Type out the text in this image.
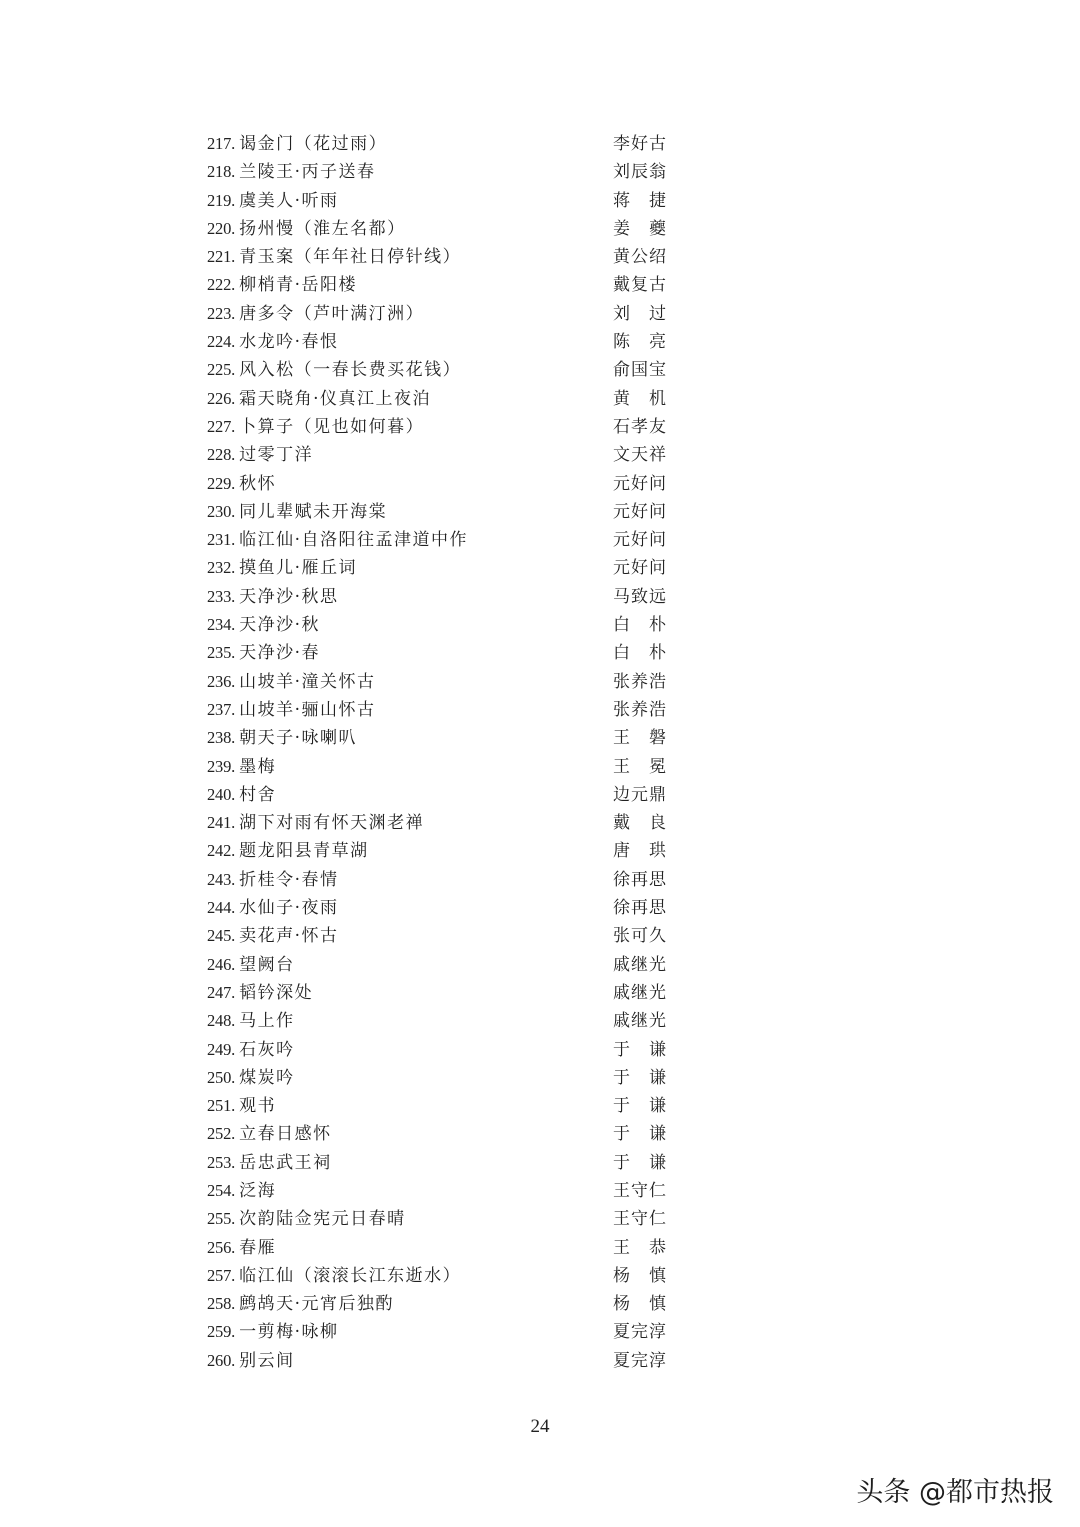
217. 谒金门（花过雨）	李好古
218. 兰陵王·丙子送春	刘辰翁
219. 虞美人·听雨	蒋　捷
220. 扬州慢（淮左名都）	姜　夔
221. 青玉案（年年社日停针线）	黄公绍
222. 柳梢青·岳阳楼	戴复古
223. 唐多令（芦叶满汀洲）	刘　过
224. 水龙吟·春恨	陈　亮
225. 风入松（一春长费买花钱）	俞国宝
226. 霜天晓角·仪真江上夜泊	黄　机
227. 卜算子（见也如何暮）	石孝友
228. 过零丁洋	文天祥
229. 秋怀	元好问
230. 同儿辈赋未开海棠	元好问
231. 临江仙·自洛阳往孟津道中作	元好问
232. 摸鱼儿·雁丘词	元好问
233. 天净沙·秋思	马致远
234. 天净沙·秋	白　朴
235. 天净沙·春	白　朴
236. 山坡羊·潼关怀古	张养浩
237. 山坡羊·骊山怀古	张养浩
238. 朝天子·咏喇叭	王　磐
239. 墨梅	王　冕
240. 村舍	边元鼎
241. 湖下对雨有怀天渊老禅	戴　良
242. 题龙阳县青草湖	唐　珙
243. 折桂令·春情	徐再思
244. 水仙子·夜雨	徐再思
245. 卖花声·怀古	张可久
246. 望阙台	戚继光
247. 韬钤深处	戚继光
248. 马上作	戚继光
249. 石灰吟	于　谦
250. 煤炭吟	于　谦
251. 观书	于　谦
252. 立春日感怀	于　谦
253. 岳忠武王祠	于　谦
254. 泛海	王守仁
255. 次韵陆佥宪元日春晴	王守仁
256. 春雁	王　恭
257. 临江仙（滚滚长江东逝水）	杨　慎
258. 鹧鸪天·元宵后独酌	杨　慎
259. 一剪梅·咏柳	夏完淳
260. 别云间	夏完淳
24
头条 @都市热报
